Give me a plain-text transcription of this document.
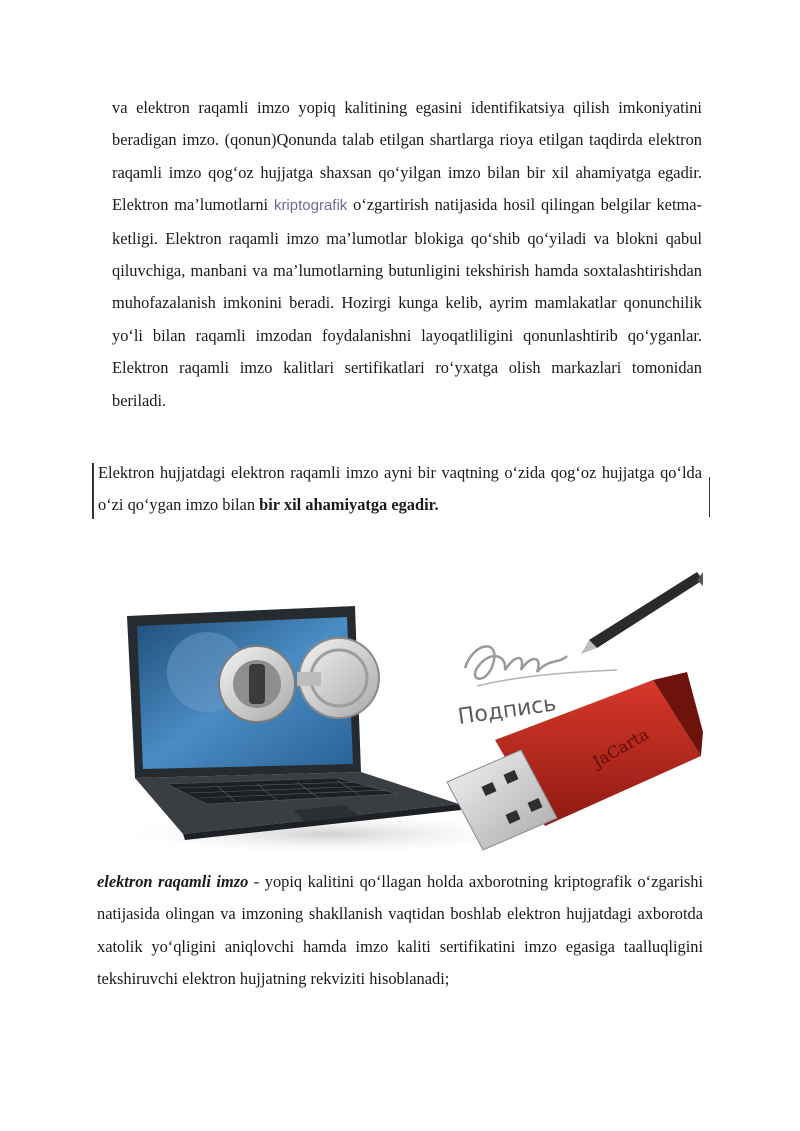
va elektron raqamli imzo yopiq kalitining egasini identifikatsiya qilish imkoniyatini beradigan imzo. (qonun)Qonunda talab etilgan shartlarga rioya etilgan taqdirda elektron raqamli imzo qog‘oz hujjatga shaxsan qo‘yilgan imzo bilan bir xil ahamiyatga egadir. Elektron ma’lumotlarni kriptografik o‘zgartirish natijasida hosil qilingan belgilar ketma-ketligi. Elektron raqamli imzo ma’lumotlar blokiga qo‘shib qo‘yiladi va blokni qabul qiluvchiga, manbani va ma’lumotlarning butunligini tekshirish hamda soxtalashtirishdan muhofazalanish imkonini beradi. Hozirgi kunga kelib, ayrim mamlakatlar qonunchilik yo‘li bilan raqamli imzodan foydalanishni layoqatliligini qonunlashtirib qo‘yganlar. Elektron raqamli imzo kalitlari sertifikatlari ro‘yxatga olish markazlari tomonidan beriladi.

Elektron hujjatdagi elektron raqamli imzo ayni bir vaqtning o‘zida qog‘oz hujjatga qo‘lda o‘zi qo‘ygan imzo bilan bir xil ahamiyatga egadir.

Подпись
JaCarta

elektron raqamli imzo - yopiq kalitini qo‘llagan holda axborotning kriptografik o‘zgarishi natijasida olingan va imzoning shakllanish vaqtidan boshlab elektron hujjatdagi axborotda xatolik yo‘qligini aniqlovchi hamda imzo kaliti sertifikatini imzo egasiga taalluqligini tekshiruvchi elektron hujjatning rekviziti hisoblanadi;
